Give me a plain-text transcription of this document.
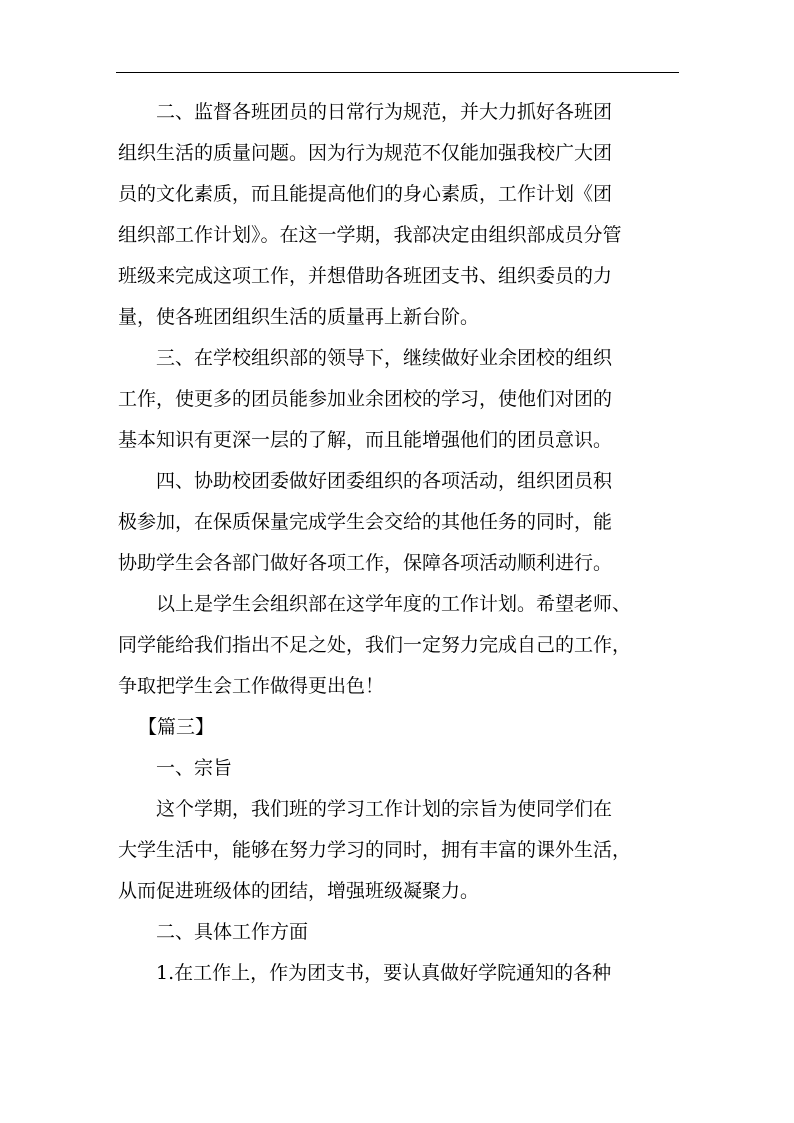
二、监督各班团员的日常行为规范，并大力抓好各班团
组织生活的质量问题。因为行为规范不仅能加强我校广大团
员的文化素质，而且能提高他们的身心素质，工作计划《团
组织部工作计划》。在这一学期，我部决定由组织部成员分管
班级来完成这项工作，并想借助各班团支书、组织委员的力
量，使各班团组织生活的质量再上新台阶。
三、在学校组织部的领导下，继续做好业余团校的组织
工作，使更多的团员能参加业余团校的学习，使他们对团的
基本知识有更深一层的了解，而且能增强他们的团员意识。
四、协助校团委做好团委组织的各项活动，组织团员积
极参加，在保质保量完成学生会交给的其他任务的同时，能
协助学生会各部门做好各项工作，保障各项活动顺利进行。
以上是学生会组织部在这学年度的工作计划。希望老师、
同学能给我们指出不足之处，我们一定努力完成自己的工作，
争取把学生会工作做得更出色！
【篇三】
一、宗旨
这个学期，我们班的学习工作计划的宗旨为使同学们在
大学生活中，能够在努力学习的同时，拥有丰富的课外生活，
从而促进班级体的团结，增强班级凝聚力。
二、具体工作方面
1.在工作上，作为团支书，要认真做好学院通知的各种
